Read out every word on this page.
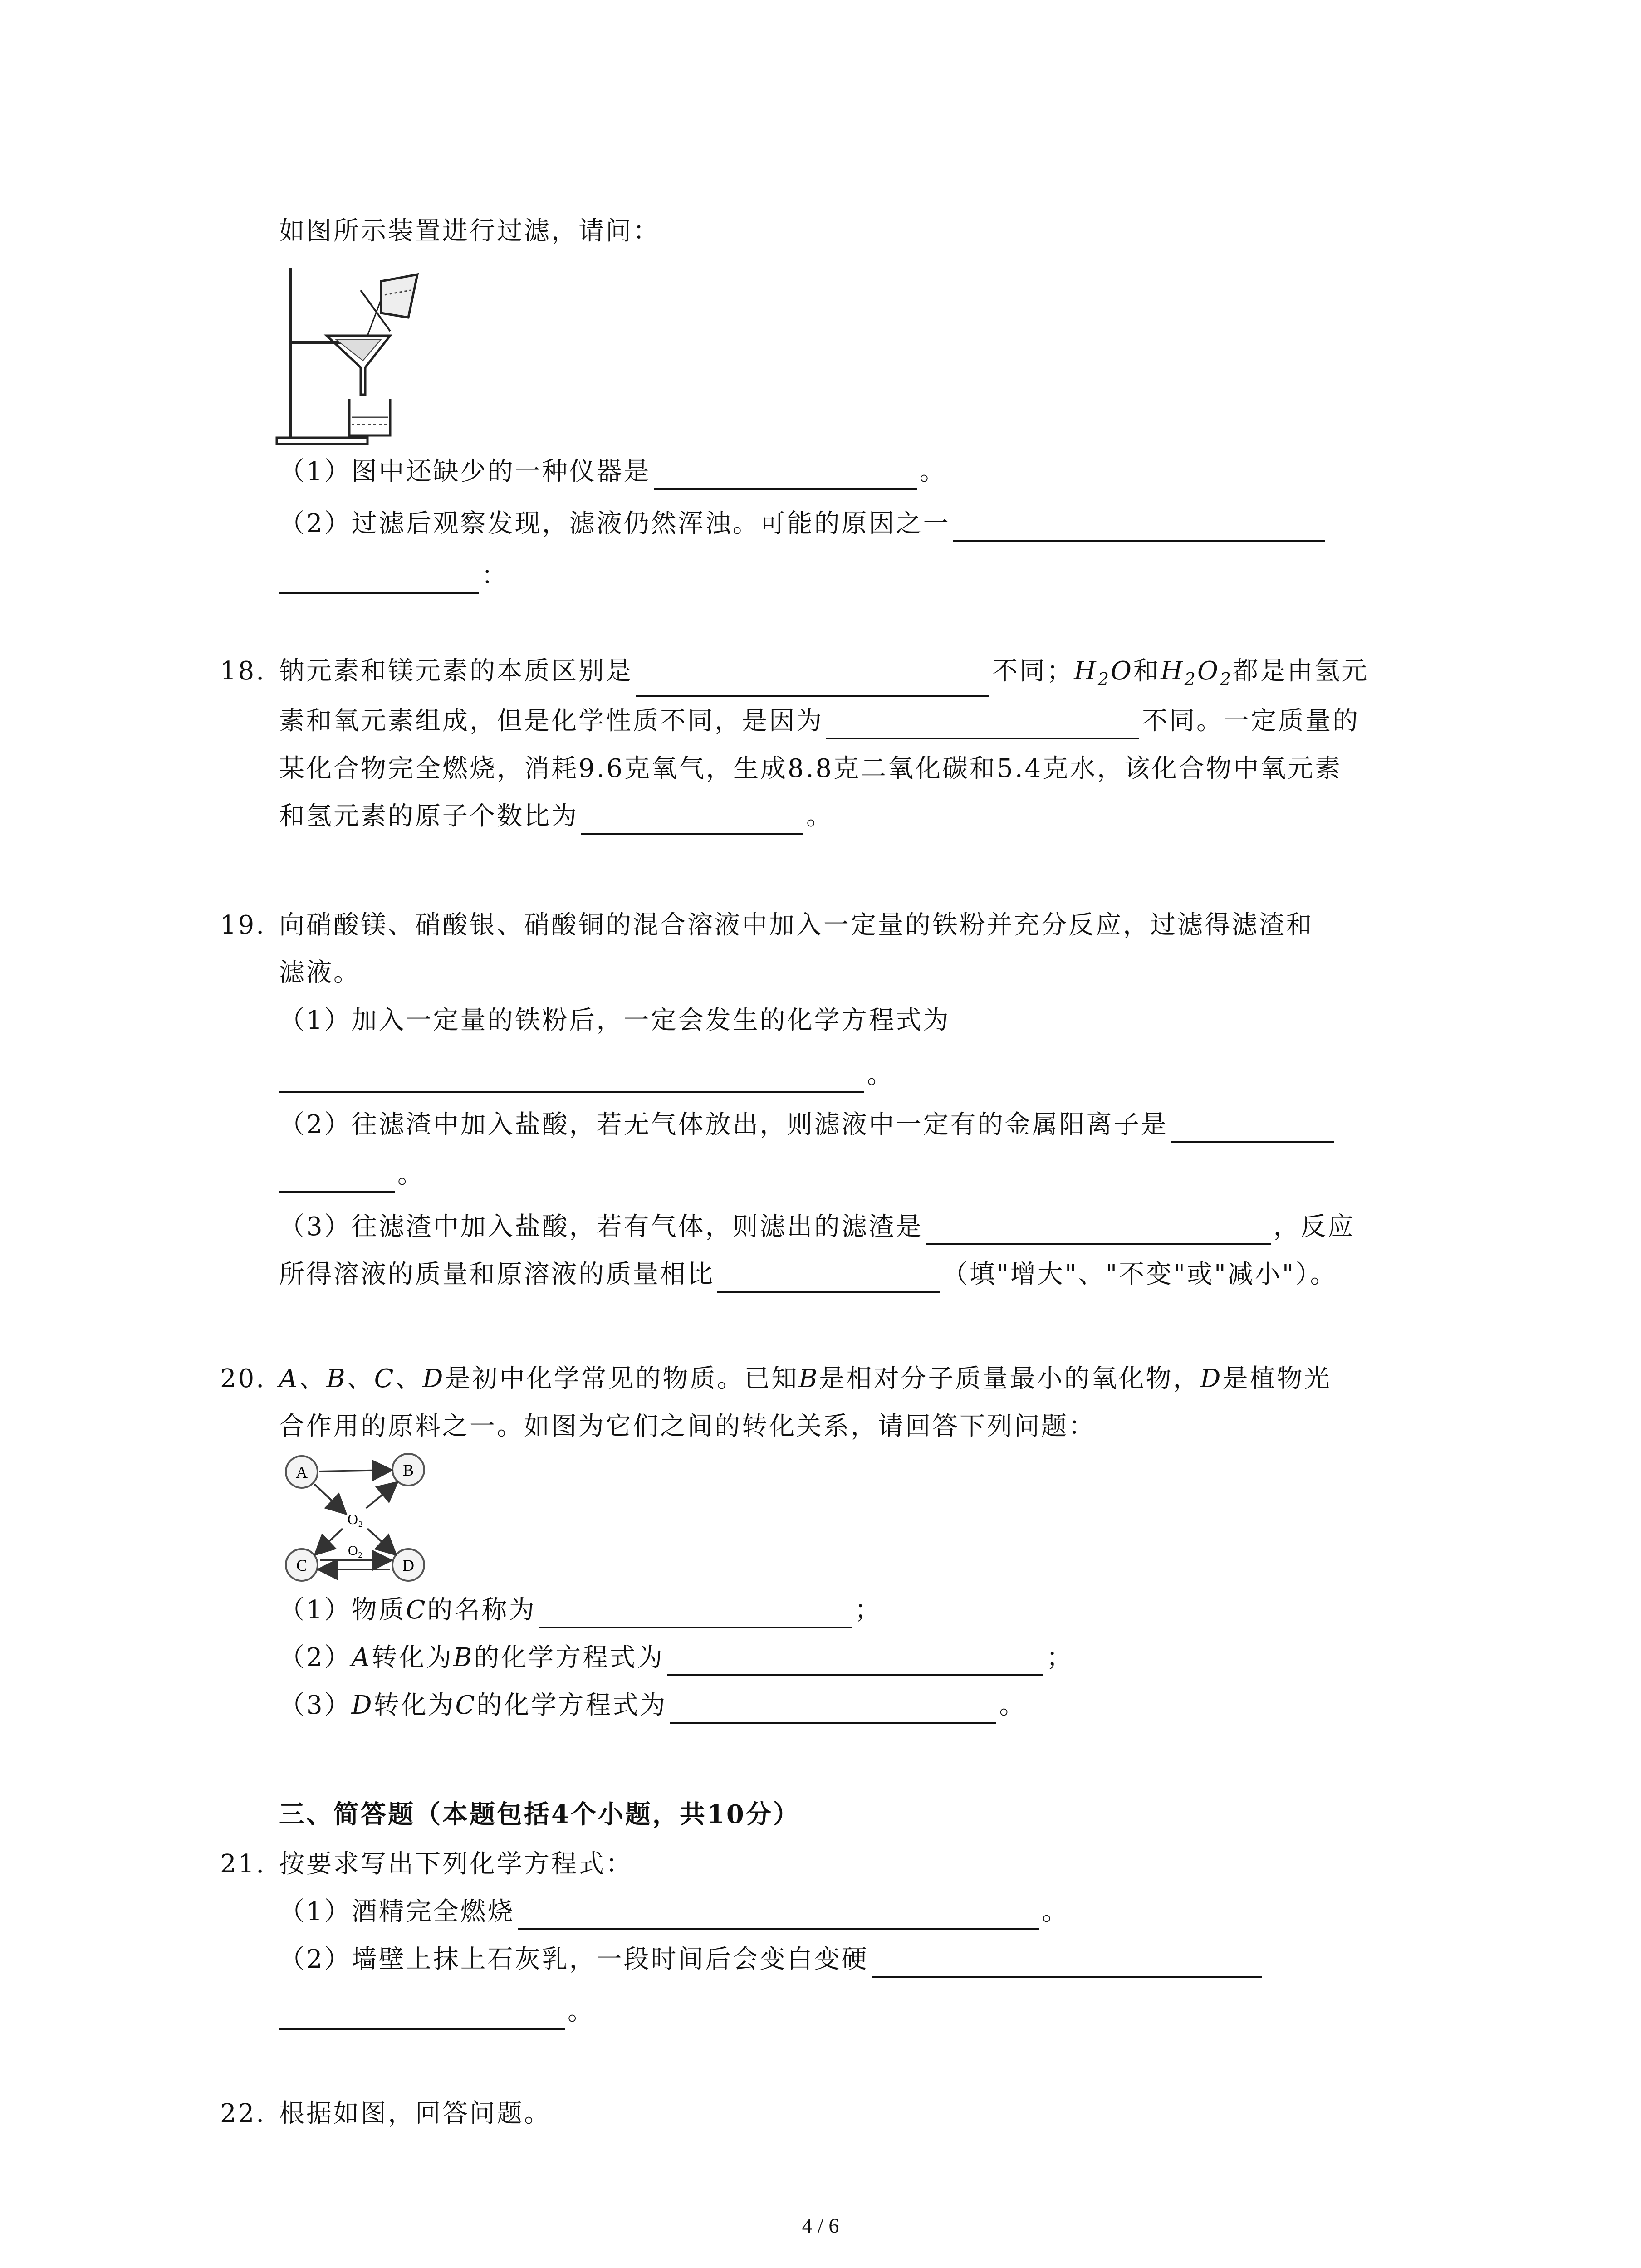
如图所示装置进行过滤，请问：
（1）图中还缺少的一种仪器是	。
（2）过滤后观察发现，滤液仍然浑浊。可能的原因之一
：
18. 钠元素和镁元素的本质区别是	不同；$H_2O$和$H_2O_2$都是由氢元
素和氧元素组成，但是化学性质不同，是因为	不同。一定质量的
某化合物完全燃烧，消耗9.6克氧气，生成8.8克二氧化碳和5.4克水，该化合物中氧元素
和氢元素的原子个数比为	。
19. 向硝酸镁、硝酸银、硝酸铜的混合溶液中加入一定量的铁粉并充分反应，过滤得滤渣和
滤液。
（1）加入一定量的铁粉后，一定会发生的化学方程式为
。
（2）往滤渣中加入盐酸，若无气体放出，则滤液中一定有的金属阳离子是
。
（3）往滤渣中加入盐酸，若有气体，则滤出的滤渣是	，反应
所得溶液的质量和原溶液的质量相比	（填"增大"、"不变"或"减小"）。
20. A、B、C、D是初中化学常见的物质。已知B是相对分子质量最小的氧化物，D是植物光
合作用的原料之一。如图为它们之间的转化关系，请回答下列问题：
A	B
C	D
O₂
O₂
（1）物质C的名称为	；
（2）A转化为B的化学方程式为	；
（3）D转化为C的化学方程式为	。
三、简答题（本题包括4个小题，共10分）
21. 按要求写出下列化学方程式：
（1）酒精完全燃烧	。
（2）墙壁上抹上石灰乳，一段时间后会变白变硬
。
22. 根据如图，回答问题。
4 / 6
